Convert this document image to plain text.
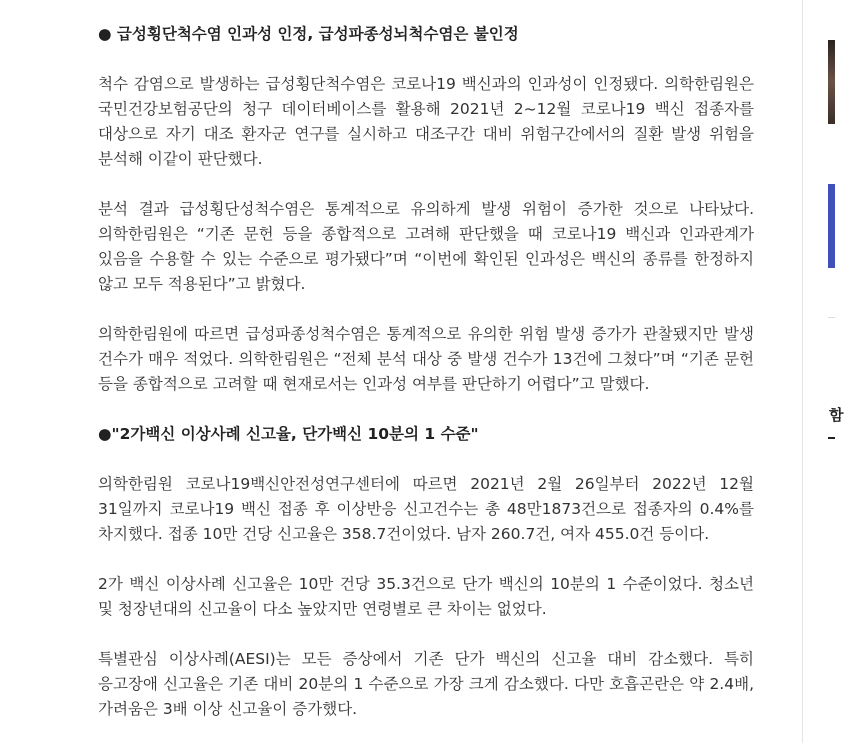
● 급성횡단척수염 인과성 인정, 급성파종성뇌척수염은 불인정

척수 감염으로 발생하는 급성횡단척수염은 코로나19 백신과의 인과성이 인정됐다. 의학한림원은 국민건강보험공단의 청구 데이터베이스를 활용해 2021년 2~12월 코로나19 백신 접종자를 대상으로 자기 대조 환자군 연구를 실시하고 대조구간 대비 위험구간에서의 질환 발생 위험을 분석해 이같이 판단했다.

분석 결과 급성횡단성척수염은 통계적으로 유의하게 발생 위험이 증가한 것으로 나타났다. 의학한림원은 “기존 문헌 등을 종합적으로 고려해 판단했을 때 코로나19 백신과 인과관계가 있음을 수용할 수 있는 수준으로 평가됐다”며 “이번에 확인된 인과성은 백신의 종류를 한정하지 않고 모두 적용된다”고 밝혔다.

의학한림원에 따르면 급성파종성척수염은 통계적으로 유의한 위험 발생 증가가 관찰됐지만 발생 건수가 매우 적었다. 의학한림원은 “전체 분석 대상 중 발생 건수가 13건에 그쳤다”며 “기존 문헌 등을 종합적으로 고려할 때 현재로서는 인과성 여부를 판단하기 어렵다”고 말했다.

●"2가백신 이상사례 신고율, 단가백신 10분의 1 수준"

의학한림원 코로나19백신안전성연구센터에 따르면 2021년 2월 26일부터 2022년 12월 31일까지 코로나19 백신 접종 후 이상반응 신고건수는 총 48만1873건으로 접종자의 0.4%를 차지했다. 접종 10만 건당 신고율은 358.7건이었다. 남자 260.7건, 여자 455.0건 등이다.

2가 백신 이상사례 신고율은 10만 건당 35.3건으로 단가 백신의 10분의 1 수준이었다. 청소년 및 청장년대의 신고율이 다소 높았지만 연령별로 큰 차이는 없었다.

특별관심 이상사례(AESI)는 모든 증상에서 기존 단가 백신의 신고율 대비 감소했다. 특히 응고장애 신고율은 기존 대비 20분의 1 수준으로 가장 크게 감소했다. 다만 호흡곤란은 약 2.4배, 가려움은 3배 이상 신고율이 증가했다.

함
